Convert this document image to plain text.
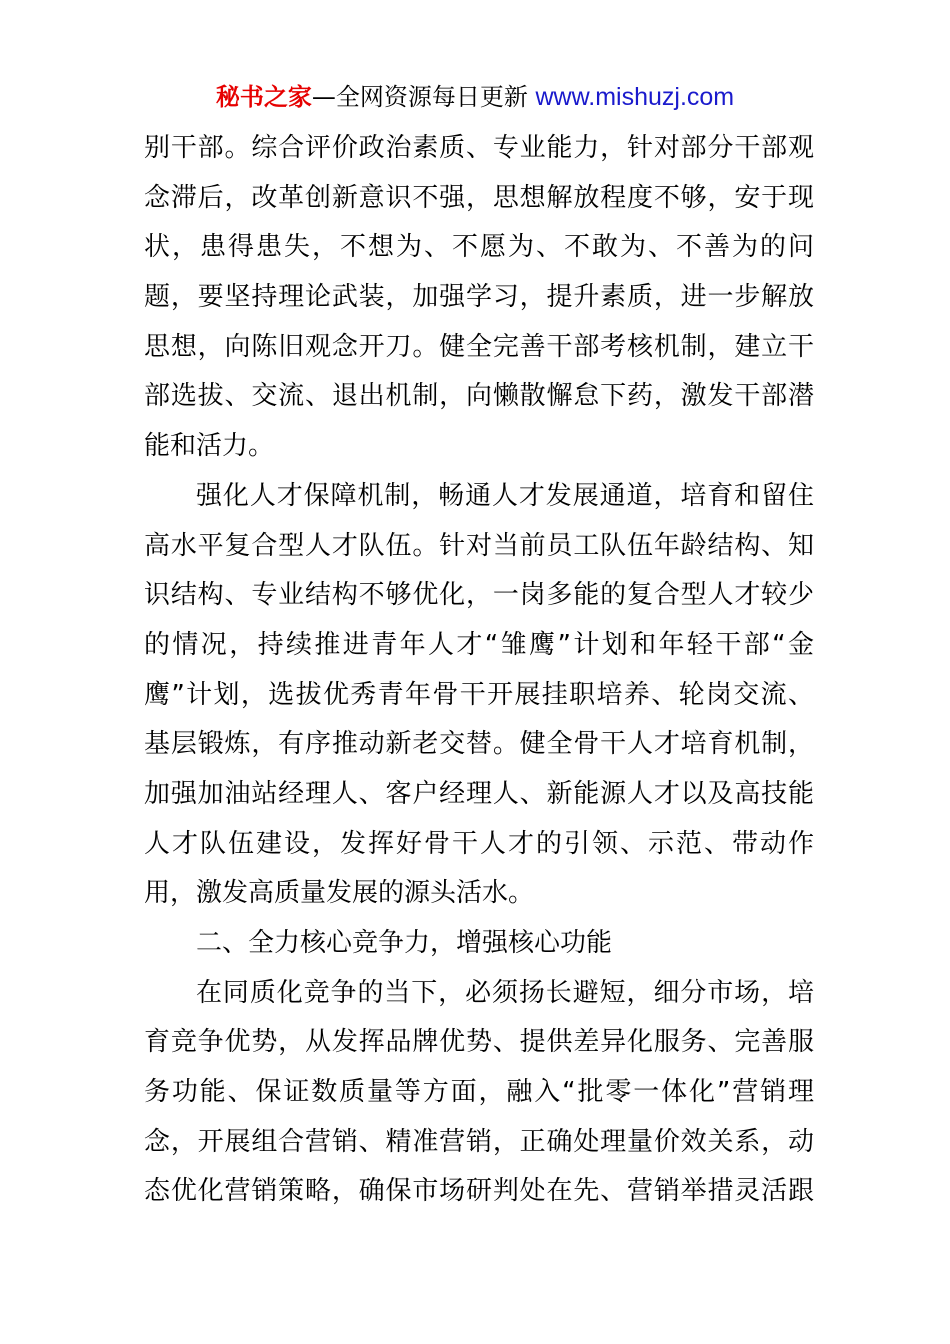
秘书之家—全网资源每日更新 www.mishuzj.com
别干部。综合评价政治素质、专业能力，针对部分干部观
念滞后，改革创新意识不强，思想解放程度不够，安于现
状，患得患失，不想为、不愿为、不敢为、不善为的问
题，要坚持理论武装，加强学习，提升素质，进一步解放
思想，向陈旧观念开刀。健全完善干部考核机制，建立干
部选拔、交流、退出机制，向懒散懈怠下药，激发干部潜
能和活力。
强化人才保障机制，畅通人才发展通道，培育和留住
高水平复合型人才队伍。针对当前员工队伍年龄结构、知
识结构、专业结构不够优化，一岗多能的复合型人才较少
的情况，持续推进青年人才“雏鹰”计划和年轻干部“金
鹰”计划，选拔优秀青年骨干开展挂职培养、轮岗交流、
基层锻炼，有序推动新老交替。健全骨干人才培育机制，
加强加油站经理人、客户经理人、新能源人才以及高技能
人才队伍建设，发挥好骨干人才的引领、示范、带动作
用，激发高质量发展的源头活水。
二、全力核心竞争力，增强核心功能
在同质化竞争的当下，必须扬长避短，细分市场，培
育竞争优势，从发挥品牌优势、提供差异化服务、完善服
务功能、保证数质量等方面，融入“批零一体化”营销理
念，开展组合营销、精准营销，正确处理量价效关系，动
态优化营销策略，确保市场研判处在先、营销举措灵活跟
